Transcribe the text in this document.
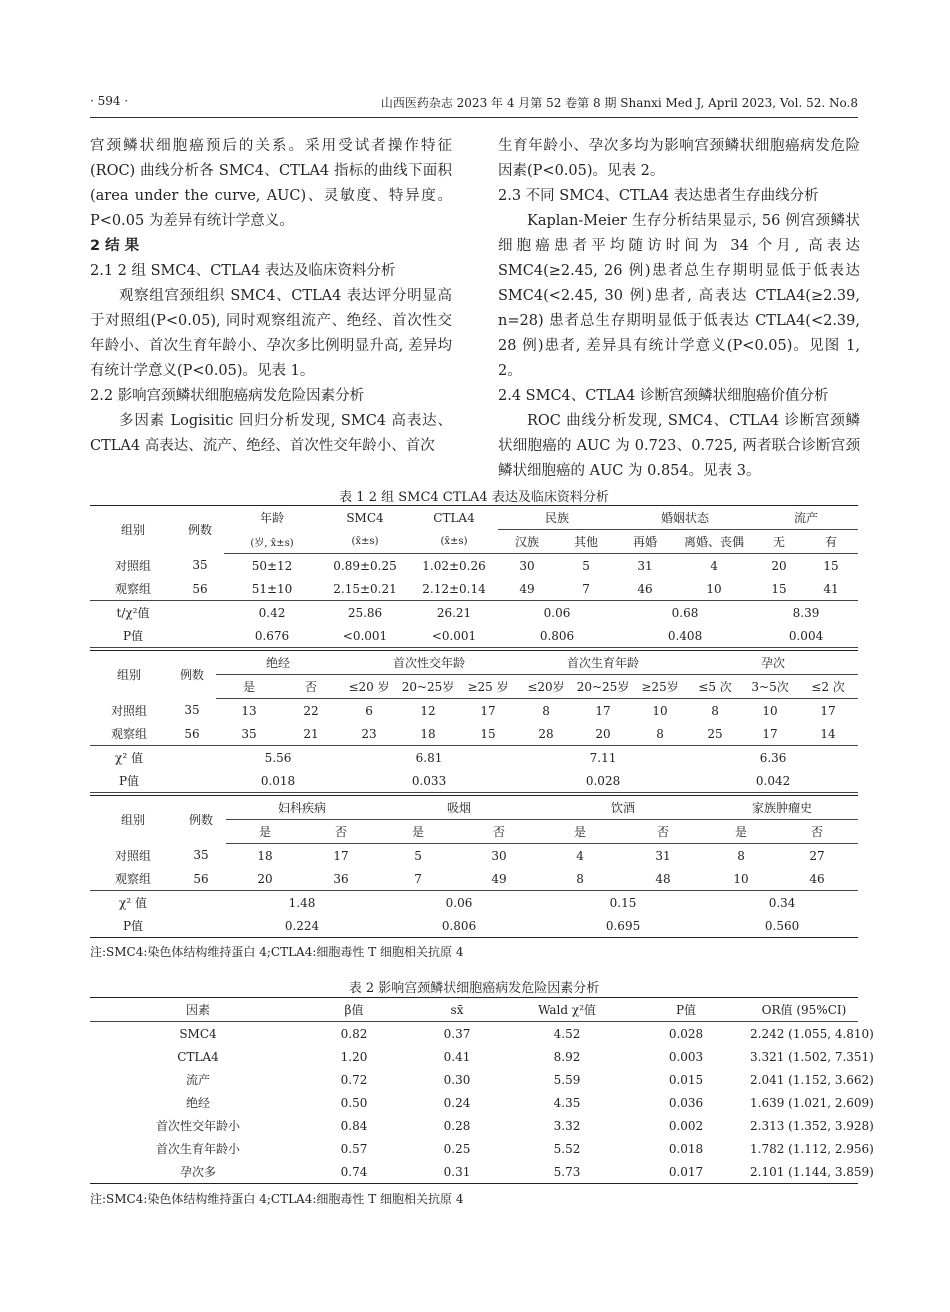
· 594 ·	山西医药杂志 2023 年 4 月第 52 卷第 8 期 Shanxi Med J, April 2023, Vol. 52. No.8

宫颈鳞状细胞癌预后的关系。采用受试者操作特征(ROC) 曲线分析各 SMC4、CTLA4 指标的曲线下面积(area under the curve, AUC)、灵敏度、特异度。P<0.05 为差异有统计学意义。

2 结 果

2.1 2 组 SMC4、CTLA4 表达及临床资料分析

观察组宫颈组织 SMC4、CTLA4 表达评分明显高于对照组(P<0.05), 同时观察组流产、绝经、首次性交年龄小、首次生育年龄小、孕次多比例明显升高, 差异均有统计学意义(P<0.05)。见表 1。

2.2 影响宫颈鳞状细胞癌病发危险因素分析

多因素 Logisitic 回归分析发现, SMC4 高表达、CTLA4 高表达、流产、绝经、首次性交年龄小、首次

生育年龄小、孕次多均为影响宫颈鳞状细胞癌病发危险因素(P<0.05)。见表 2。

2.3 不同 SMC4、CTLA4 表达患者生存曲线分析

Kaplan-Meier 生存分析结果显示, 56 例宫颈鳞状细胞癌患者平均随访时间为 34 个月, 高表达 SMC4(≥2.45, 26 例)患者总生存期明显低于低表达 SMC4(<2.45, 30 例)患者, 高表达 CTLA4(≥2.39, n=28) 患者总生存期明显低于低表达 CTLA4(<2.39, 28 例)患者, 差异具有统计学意义(P<0.05)。见图 1, 2。

2.4 SMC4、CTLA4 诊断宫颈鳞状细胞癌价值分析

ROC 曲线分析发现, SMC4、CTLA4 诊断宫颈鳞状细胞癌的 AUC 为 0.723、0.725, 两者联合诊断宫颈鳞状细胞癌的 AUC 为 0.854。见表 3。

表 1 2 组 SMC4 CTLA4 表达及临床资料分析
组别	例数	年龄	SMC4	CTLA4	民族		婚姻状态		流产	
		(岁, x̄±s)	(x̄±s)	(x̄±s)	汉族	其他	再婚	离婚、丧偶	无	有
对照组	35	50±12	0.89±0.25	1.02±0.26	30	5	31	4	20	15
观察组	56	51±10	2.15±0.21	2.12±0.14	49	7	46	10	15	41
t/χ²值		0.42	25.86	26.21	0.06		0.68		8.39	
P值		0.676	<0.001	<0.001	0.806		0.408		0.004	
组别	例数	绝经		首次性交年龄			首次生育年龄			孕次		
		是	否	≤20 岁	20~25岁	≥25 岁	≤20岁	20~25岁	≥25岁	≤5 次	3~5次	≤2 次
对照组	35	13	22	6	12	17	8	17	10	8	10	17
观察组	56	35	21	23	18	15	28	20	8	25	17	14
χ² 值		5.56		6.81			7.11			6.36		
P值		0.018		0.033			0.028			0.042		
组别	例数	妇科疾病		吸烟		饮酒		家族肿瘤史	
		是	否	是	否	是	否	是	否
对照组	35	18	17	5	30	4	31	8	27
观察组	56	20	36	7	49	8	48	10	46
χ² 值		1.48		0.06		0.15		0.34	
P值		0.224		0.806		0.695		0.560	
注:SMC4:染色体结构维持蛋白 4;CTLA4:细胞毒性 T 细胞相关抗原 4
表 2 影响宫颈鳞状细胞癌病发危险因素分析
因素	β值	sx̄	Wald χ²值	P值	OR值 (95%CI)
SMC4	0.82	0.37	4.52	0.028	2.242 (1.055, 4.810)
CTLA4	1.20	0.41	8.92	0.003	3.321 (1.502, 7.351)
流产	0.72	0.30	5.59	0.015	2.041 (1.152, 3.662)
绝经	0.50	0.24	4.35	0.036	1.639 (1.021, 2.609)
首次性交年龄小	0.84	0.28	3.32	0.002	2.313 (1.352, 3.928)
首次生育年龄小	0.57	0.25	5.52	0.018	1.782 (1.112, 2.956)
孕次多	0.74	0.31	5.73	0.017	2.101 (1.144, 3.859)
注:SMC4:染色体结构维持蛋白 4;CTLA4:细胞毒性 T 细胞相关抗原 4
